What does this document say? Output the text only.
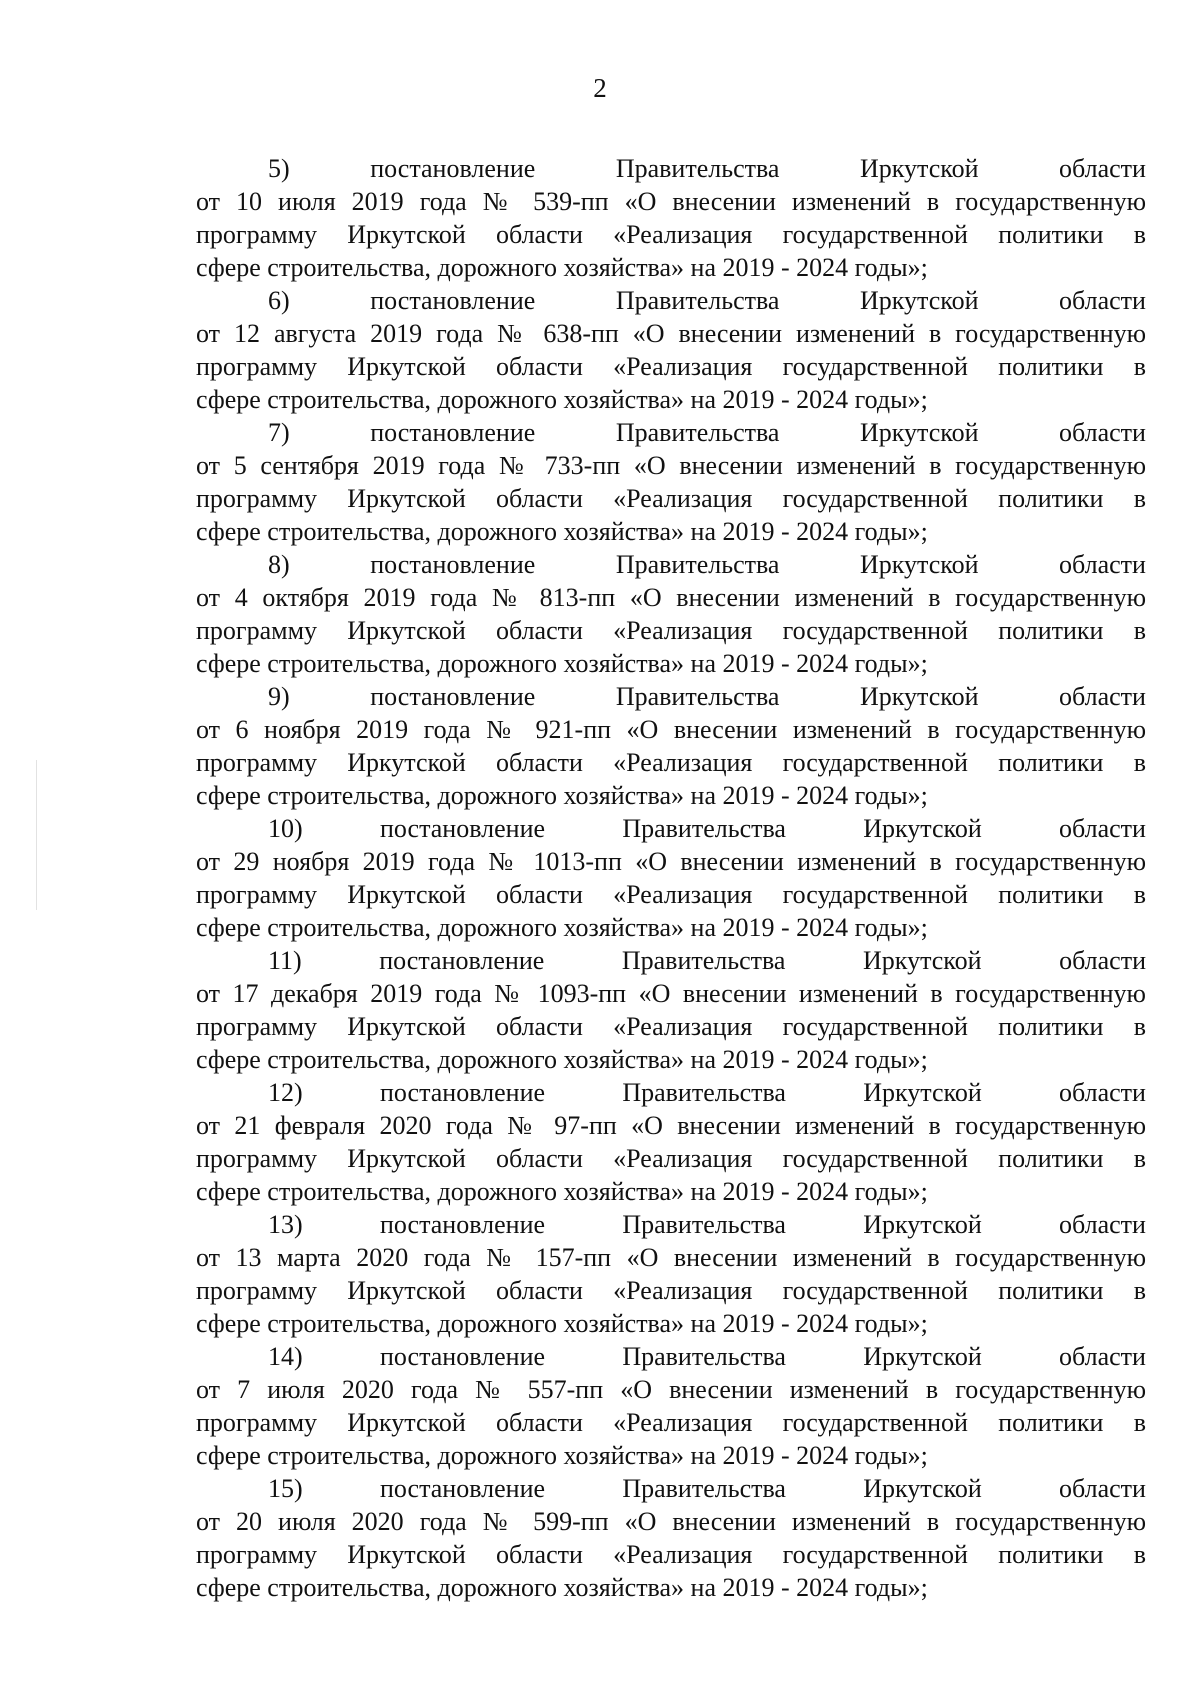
2
5)	постановление	Правительства	Иркутской	области
от 10 июля 2019 года № 539-пп «О внесении изменений в государственную
программу Иркутской области «Реализация государственной политики в
сфере строительства, дорожного хозяйства» на 2019 - 2024 годы»;
6)	постановление	Правительства	Иркутской	области
от 12 августа 2019 года № 638-пп «О внесении изменений в государственную
программу Иркутской области «Реализация государственной политики в
сфере строительства, дорожного хозяйства» на 2019 - 2024 годы»;
7)	постановление	Правительства	Иркутской	области
от 5 сентября 2019 года № 733-пп «О внесении изменений в государственную
программу Иркутской области «Реализация государственной политики в
сфере строительства, дорожного хозяйства» на 2019 - 2024 годы»;
8)	постановление	Правительства	Иркутской	области
от 4 октября 2019 года № 813-пп «О внесении изменений в государственную
программу Иркутской области «Реализация государственной политики в
сфере строительства, дорожного хозяйства» на 2019 - 2024 годы»;
9)	постановление	Правительства	Иркутской	области
от 6 ноября 2019 года № 921-пп «О внесении изменений в государственную
программу Иркутской области «Реализация государственной политики в
сфере строительства, дорожного хозяйства» на 2019 - 2024 годы»;
10)	постановление	Правительства	Иркутской	области
от 29 ноября 2019 года № 1013-пп «О внесении изменений в государственную
программу Иркутской области «Реализация государственной политики в
сфере строительства, дорожного хозяйства» на 2019 - 2024 годы»;
11)	постановление	Правительства	Иркутской	области
от 17 декабря 2019 года № 1093-пп «О внесении изменений в государственную
программу Иркутской области «Реализация государственной политики в
сфере строительства, дорожного хозяйства» на 2019 - 2024 годы»;
12)	постановление	Правительства	Иркутской	области
от 21 февраля 2020 года № 97-пп «О внесении изменений в государственную
программу Иркутской области «Реализация государственной политики в
сфере строительства, дорожного хозяйства» на 2019 - 2024 годы»;
13)	постановление	Правительства	Иркутской	области
от 13 марта 2020 года № 157-пп «О внесении изменений в государственную
программу Иркутской области «Реализация государственной политики в
сфере строительства, дорожного хозяйства» на 2019 - 2024 годы»;
14)	постановление	Правительства	Иркутской	области
от 7 июля 2020 года № 557-пп «О внесении изменений в государственную
программу Иркутской области «Реализация государственной политики в
сфере строительства, дорожного хозяйства» на 2019 - 2024 годы»;
15)	постановление	Правительства	Иркутской	области
от 20 июля 2020 года № 599-пп «О внесении изменений в государственную
программу Иркутской области «Реализация государственной политики в
сфере строительства, дорожного хозяйства» на 2019 - 2024 годы»;
